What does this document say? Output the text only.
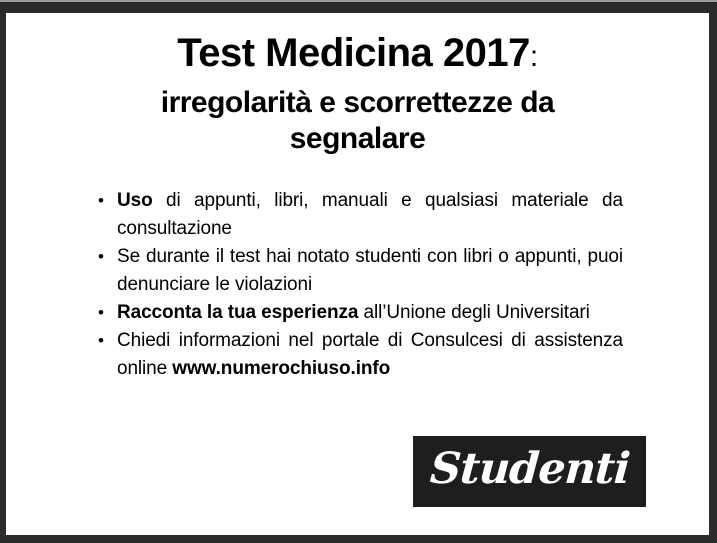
Test Medicina 2017:
irregolarità e scorrettezze da segnalare
• Uso di appunti, libri, manuali e qualsiasi materiale da consultazione
• Se durante il test hai notato studenti con libri o appunti, puoi denunciare le violazioni
• Racconta la tua esperienza all’Unione degli Universitari
• Chiedi informazioni nel portale di Consulcesi di assistenza online www.numerochiuso.info
Studenti
